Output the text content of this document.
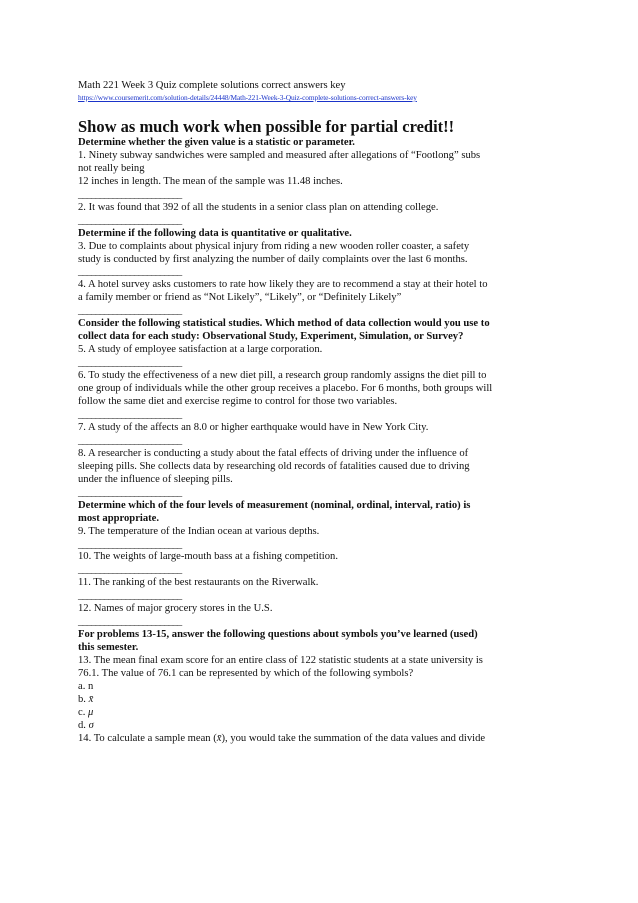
Math 221 Week 3 Quiz complete solutions correct answers key
https://www.coursemerit.com/solution-details/24448/Math-221-Week-3-Quiz-complete-solutions-correct-answers-key
Show as much work when possible for partial credit!!
Determine whether the given value is a statistic or parameter.
1. Ninety subway sandwiches were sampled and measured after allegations of “Footlong” subs
not really being
12 inches in length. The mean of the sample was 11.48 inches.
________________________
2. It was found that 392 of all the students in a senior class plan on attending college.
________________________
Determine if the following data is quantitative or qualitative.
3. Due to complaints about physical injury from riding a new wooden roller coaster, a safety
study is conducted by first analyzing the number of daily complaints over the last 6 months.
________________________
4. A hotel survey asks customers to rate how likely they are to recommend a stay at their hotel to
a family member or friend as “Not Likely”, “Likely”, or “Definitely Likely”
________________________
Consider the following statistical studies. Which method of data collection would you use to
collect data for each study: Observational Study, Experiment, Simulation, or Survey?
5. A study of employee satisfaction at a large corporation.
________________________
6. To study the effectiveness of a new diet pill, a research group randomly assigns the diet pill to
one group of individuals while the other group receives a placebo. For 6 months, both groups will
follow the same diet and exercise regime to control for those two variables.
________________________
7. A study of the affects an 8.0 or higher earthquake would have in New York City.
________________________
8. A researcher is conducting a study about the fatal effects of driving under the influence of
sleeping pills. She collects data by researching old records of fatalities caused due to driving
under the influence of sleeping pills.
________________________
Determine which of the four levels of measurement (nominal, ordinal, interval, ratio) is
most appropriate.
9. The temperature of the Indian ocean at various depths.
________________________
10. The weights of large-mouth bass at a fishing competition.
________________________
11. The ranking of the best restaurants on the Riverwalk.
________________________
12. Names of major grocery stores in the U.S.
________________________
For problems 13-15, answer the following questions about symbols you’ve learned (used)
this semester.
13. The mean final exam score for an entire class of 122 statistic students at a state university is
76.1. The value of 76.1 can be represented by which of the following symbols?
a. n
b. x̄
c. μ
d. σ
14. To calculate a sample mean (x̄), you would take the summation of the data values and divide
